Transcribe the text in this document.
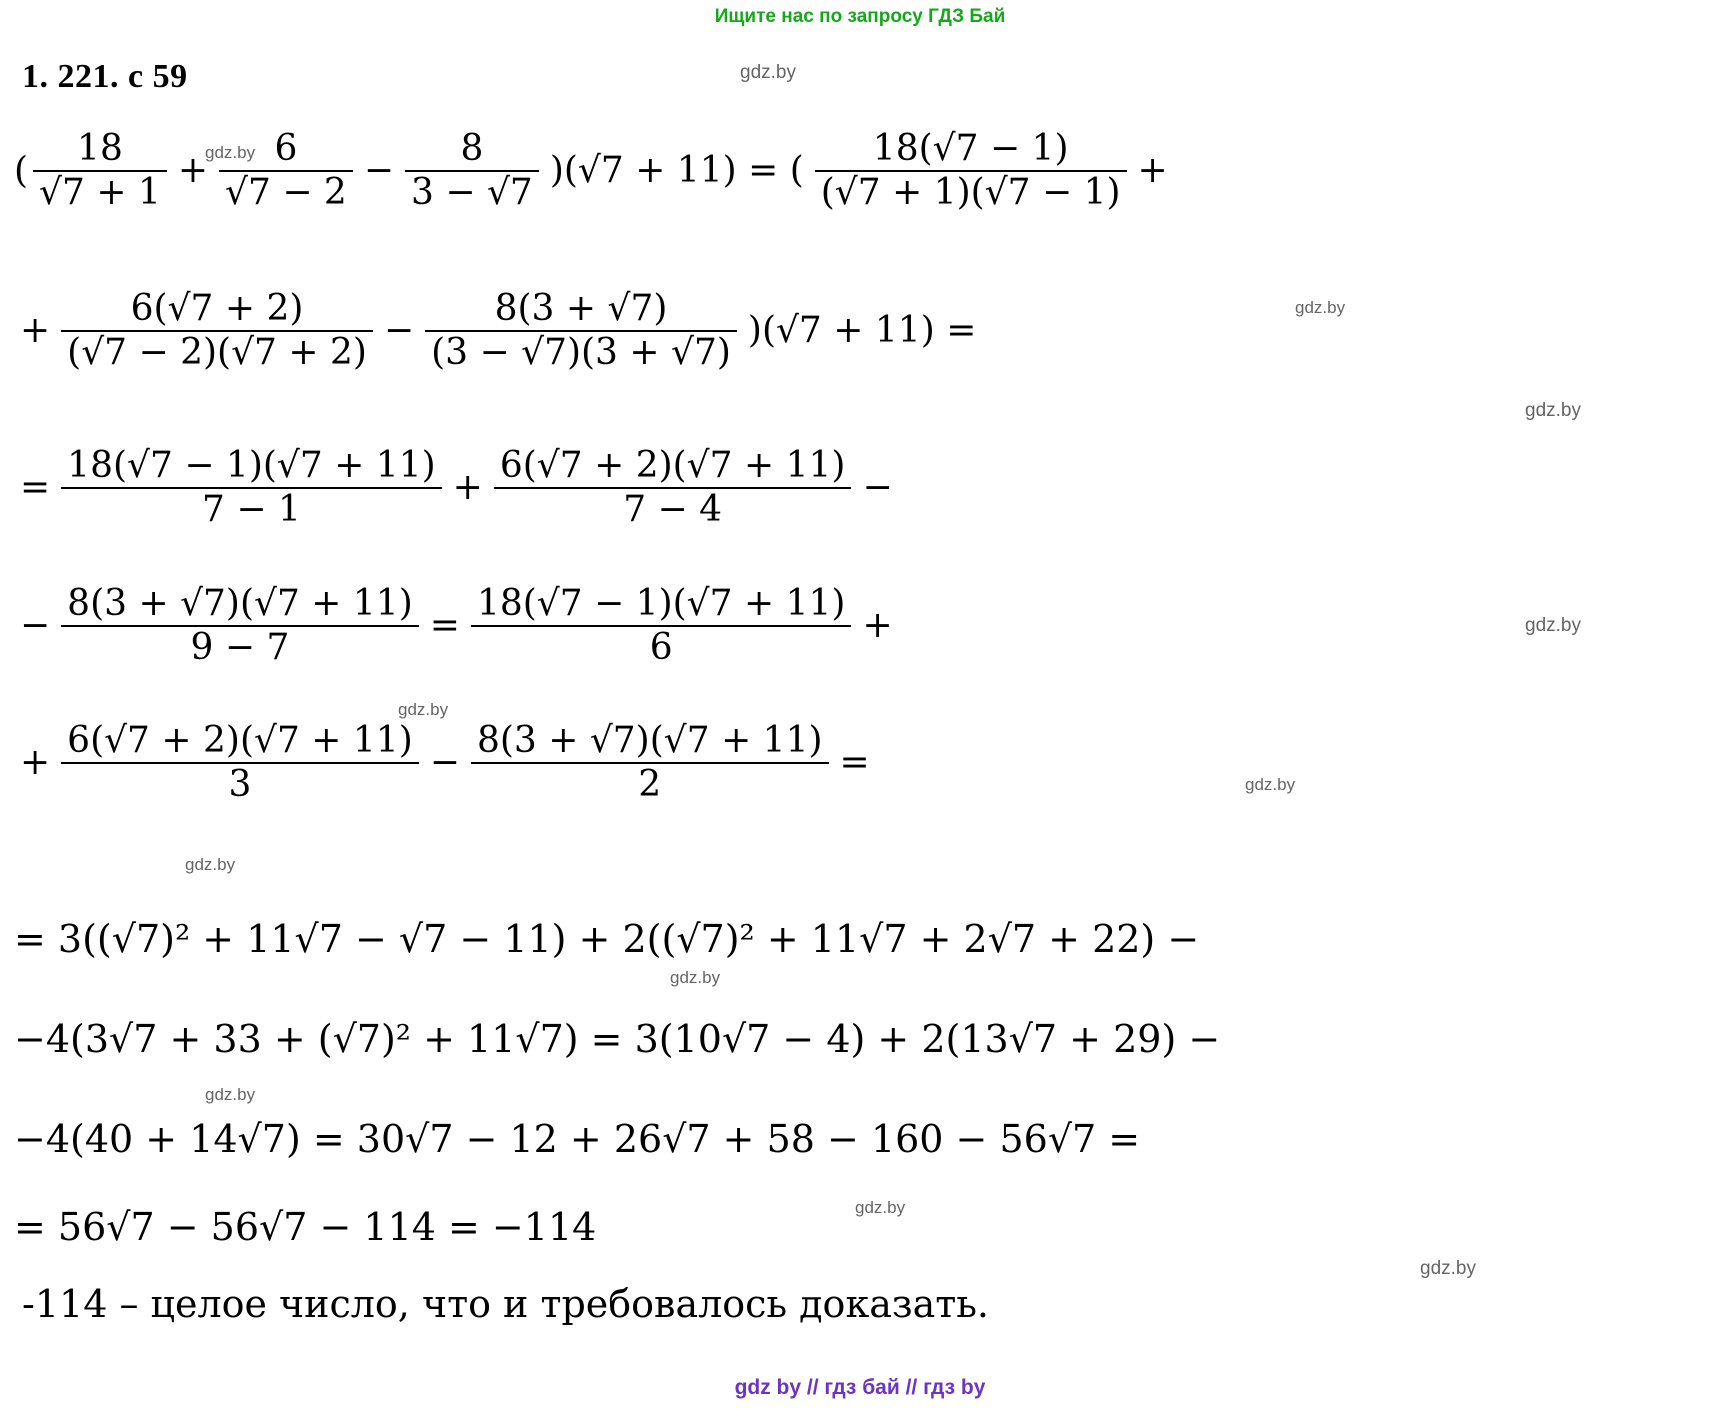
Ищите нас по запросу ГДЗ Бай
1. 221. с 59	gdz.by
gdz.by
gdz.by
gdz.by
gdz.by
gdz.by
gdz.by
gdz.by
gdz.by
gdz.by
gdz.by
gdz.by
( $\frac{18}{√7 + 1} + \frac{6}{√7 - 2} - \frac{8}{3 - √7} )(√7 + 11)$ = ( $\frac{18(√7 - 1)}{(√7 + 1)(√7 - 1)}$ +
+ $\frac{6(√7 + 2)}{(√7 - 2)(√7 + 2)} - \frac{8(3 + √7)}{(3 - √7)(3 + √7)} )(√7 + 11)$ =
= $\frac{18(√7 - 1)(√7 + 11)}{7 - 1} + \frac{6(√7 + 2)(√7 + 11)}{7 - 4}$ −
− $\frac{8(3 + √7)(√7 + 11)}{9 - 7} = \frac{18(√7 - 1)(√7 + 11)}{6}$ +
+ $\frac{6(√7 + 2)(√7 + 11)}{3} - \frac{8(3 + √7)(√7 + 11)}{2}$ =
= 3((√7)² + 11√7 − √7 − 11) + 2((√7)² + 11√7 + 2√7 + 22) −
−4(3√7 + 33 + (√7)² + 11√7) = 3(10√7 − 4) + 2(13√7 + 29) −
−4(40 + 14√7) = 30√7 − 12 + 26√7 + 58 − 160 − 56√7 =
= 56√7 − 56√7 − 114 = −114
-114 – целое число, что и требовалось доказать.
gdz by // гдз бай // гдз by
